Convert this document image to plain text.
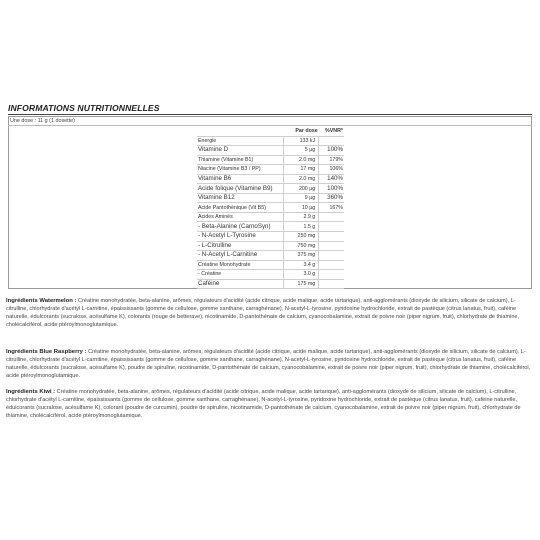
INFORMATIONS NUTRITIONNELLES
Une dose : 11 g (1 dosette)
	Par dose	%VNR*
Energie	133 kJ	
Vitamine D	5 µg	100%
Thiamine (Vitamine B1)	2.0 mg	179%
Niacine (Vitamine B3 / PP)	17 mg	106%
Vitamine B6	2.0 mg	140%
Acide folique (Vitamine B9)	200 µg	100%
Vitamine B12	9 µg	360%
Acide Pantothénique (Vit B5)	10 µg	167%
Acides Aminés	2.9 g	
- Beta-Alanine (CarnoSyn)	1.5 g	
- N-Acetyl L-Tyrosine	250 mg	
- L-Citrulline	750 mg	
- N-Acetyl L-Carnitine	375 mg	
Créatine Monohydrate	3.4 g	
- Créatine	3.0 g	
Caféine	175 mg	
Ingrédients Watermelon : Créatine monohydratée, beta-alanine, arômes, régulateurs d'acidité (acide citrique, acide malique, acide tartarique), anti-agglomérants (dioxyde de silicium, silicate de calcium), L-citrulline, chlorhydrate d'acétyl L-carnitine, épaississants (gomme de cellulose, gomme xanthane, carraghénane), N-acetyl-L-tyrosine, pyridoxine hydrochloride, extrait de pastèque (citrus lanatus, fruit), caféine naturelle, édulcorants (sucralose, acésulfame K), colorants (rouge de betterave), nicotinamide, D-pantothénate de calcium, cyanocobalamine, extrait de poivre noir (piper nigrum, fruit), chlorhydrate de thiamine, cholécalciférol, acide ptéroylmonoglutamique.
Ingrédients Blue Raspberry : Créatine monohydratée, beta-alanine, arômes, régulateurs d'acidité (acide citrique, acide malique, acide tartarique), anti-agglomérants (dioxyde de silicium, silicate de calcium), L-citrulline, chlorhydrate d'acétyl L-carnitine, épaississants (gomme de cellulose, gomme xanthane, carraghénane), N-acetyl-L-tyrosine, pyridoxine hydrochloride, extrait de pastèque (citrus lanatus, fruit), caféine naturelle, édulcorants (sucralose, acésulfame K), poudre de spiruline, nicotinamide, D-pantothénate de calcium, cyanocobalamine, extrait de poivre noir (piper nigrum, fruit), chlorhydrate de thiamine, cholécalciférol, acide ptéroylmonoglutamique.
Ingrédients Kiwi : Créatine monohydratée, beta-alanine, arômes, régulateurs d'acidité (acide citrique, acide malique, acide tartarique), anti-agglomérants (dioxyde de silicium, silicate de calcium), L-citrulline, chlorhydrate d'acétyl L-carnitine, épaississants (gomme de cellulose, gomme xanthane, carraghénane), N-acetyl-L-tyrosine, pyridoxine hydrochloride, extrait de pastèque (citrus lanatus, fruit), caféine naturelle, édulcorants (sucralose, acésulfame K), colorant (poudre de curcumin), poudre de spiruline, nicotinamide, D-pantothénate de calcium, cyanocobalamine, extrait de poivre noir (piper nigrum, fruit), chlorhydrate de thiamine, cholécalciférol, acide ptéroylmonoglutamique.
